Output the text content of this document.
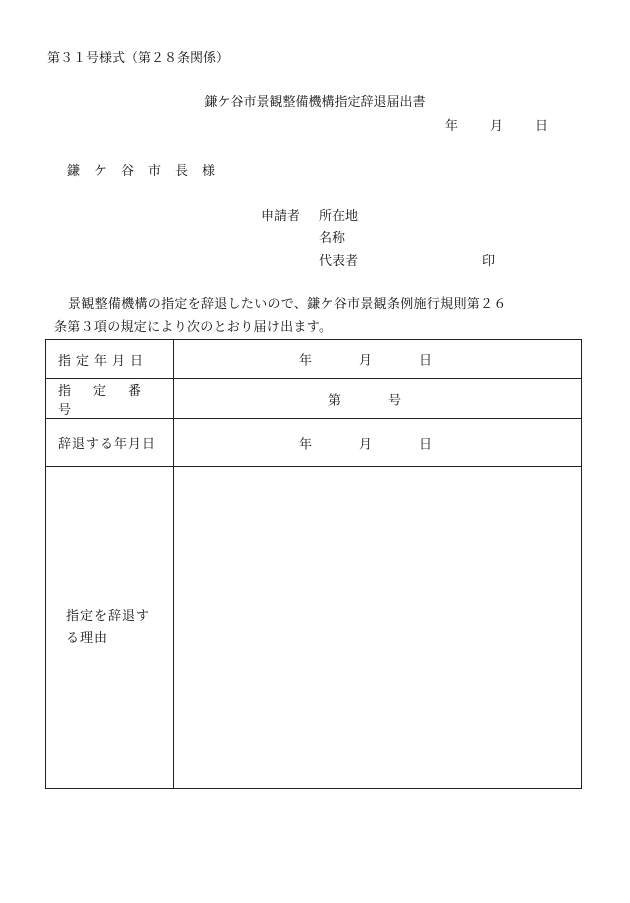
第３１号様式（第２８条関係）
鎌ケ谷市景観整備機構指定辞退届出書
年 月 日
鎌ケ谷市長様
申請者 所在地
名称
代表者	印
景観整備機構の指定を辞退したいので、鎌ケ谷市景観条例施行規則第２６
条第３項の規定により次のとおり届け出ます。
指定年月日	年 月 日

指定番号	第 号

辞退する年月日	年 月 日

指定を辞退する理由	
